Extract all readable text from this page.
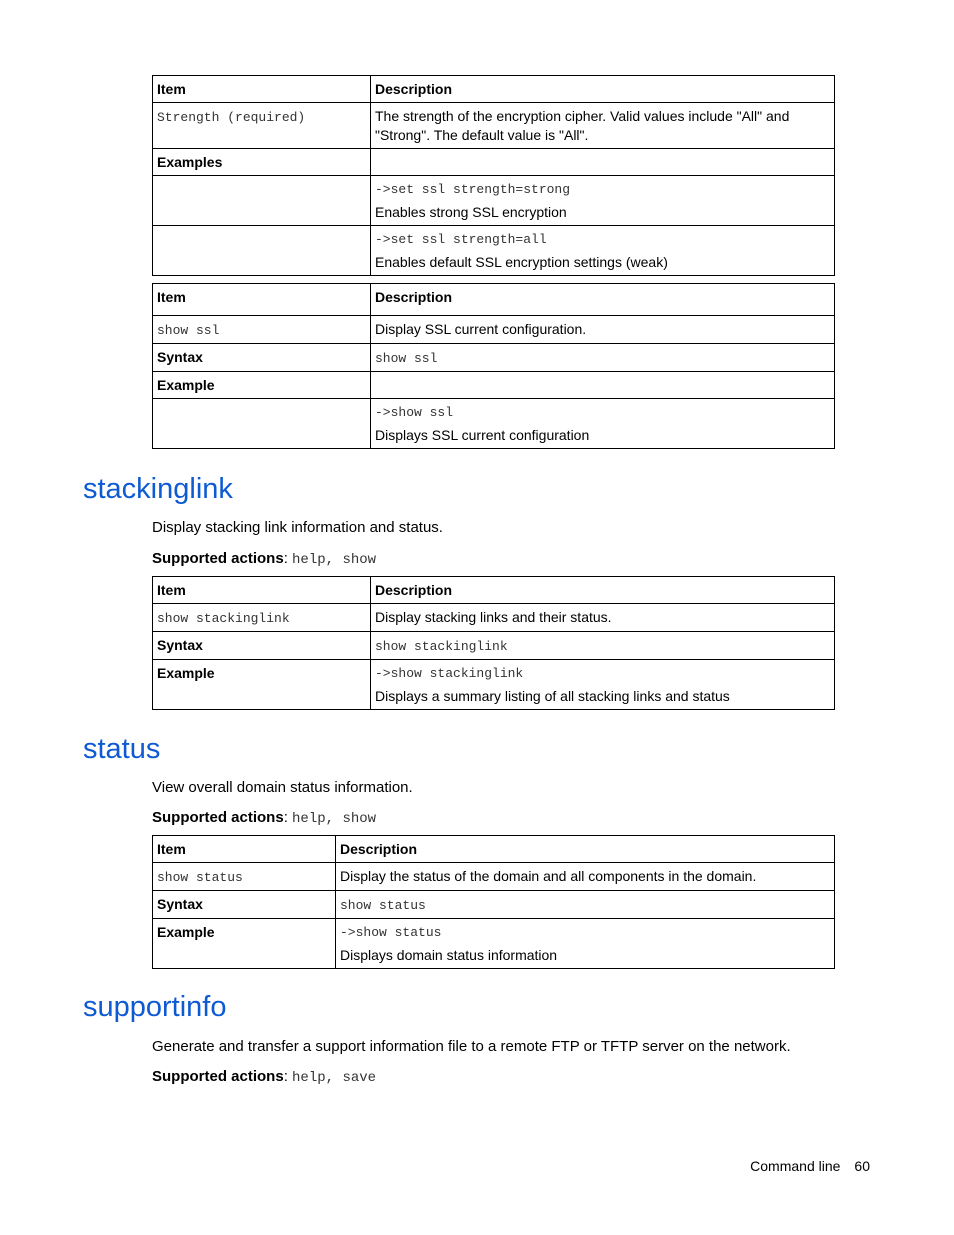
Item	Description
Strength (required)	The strength of the encryption cipher. Valid values include "All" and "Strong". The default value is "All".
Examples	

	->set ssl strength=strong
Enables strong SSL encryption

	->set ssl strength=all
Enables default SSL encryption settings (weak)
Item	Description
show ssl	Display SSL current configuration.
Syntax	show ssl
Example	

	->show ssl
Displays SSL current configuration
stackinglink

Display stacking link information and status.

Supported actions: help, show

Item	Description
show stackinglink	Display stacking links and their status.
Syntax	show stackinglink
Example	->show stackinglink
Displays a summary listing of all stacking links and status
status

View overall domain status information.

Supported actions: help, show

Item	Description
show status	Display the status of the domain and all components in the domain.
Syntax	show status
Example	->show status
Displays domain status information
supportinfo

Generate and transfer a support information file to a remote FTP or TFTP server on the network.

Supported actions: help, save

Command line 60
